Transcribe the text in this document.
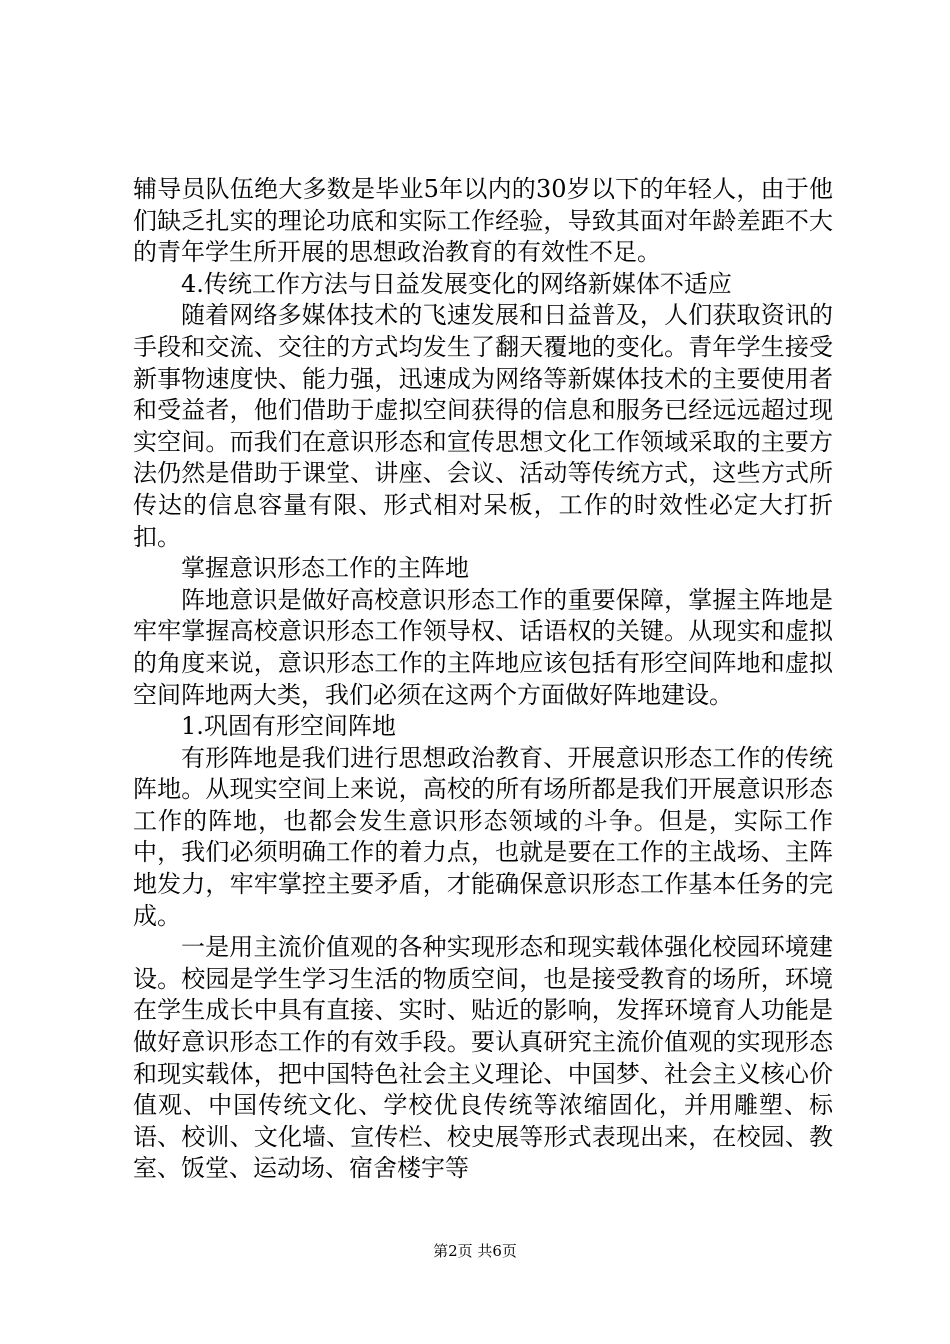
辅导员队伍绝大多数是毕业5年以内的30岁以下的年轻人，由于他们缺乏扎实的理论功底和实际工作经验，导致其面对年龄差距不大的青年学生所开展的思想政治教育的有效性不足。

4.传统工作方法与日益发展变化的网络新媒体不适应

随着网络多媒体技术的飞速发展和日益普及，人们获取资讯的手段和交流、交往的方式均发生了翻天覆地的变化。青年学生接受新事物速度快、能力强，迅速成为网络等新媒体技术的主要使用者和受益者，他们借助于虚拟空间获得的信息和服务已经远远超过现实空间。而我们在意识形态和宣传思想文化工作领域采取的主要方法仍然是借助于课堂、讲座、会议、活动等传统方式，这些方式所传达的信息容量有限、形式相对呆板，工作的时效性必定大打折扣。

掌握意识形态工作的主阵地

阵地意识是做好高校意识形态工作的重要保障，掌握主阵地是牢牢掌握高校意识形态工作领导权、话语权的关键。从现实和虚拟的角度来说，意识形态工作的主阵地应该包括有形空间阵地和虚拟空间阵地两大类，我们必须在这两个方面做好阵地建设。

1.巩固有形空间阵地

有形阵地是我们进行思想政治教育、开展意识形态工作的传统阵地。从现实空间上来说，高校的所有场所都是我们开展意识形态工作的阵地，也都会发生意识形态领域的斗争。但是，实际工作中，我们必须明确工作的着力点，也就是要在工作的主战场、主阵地发力，牢牢掌控主要矛盾，才能确保意识形态工作基本任务的完成。

一是用主流价值观的各种实现形态和现实载体强化校园环境建设。校园是学生学习生活的物质空间，也是接受教育的场所，环境在学生成长中具有直接、实时、贴近的影响，发挥环境育人功能是做好意识形态工作的有效手段。要认真研究主流价值观的实现形态和现实载体，把中国特色社会主义理论、中国梦、社会主义核心价值观、中国传统文化、学校优良传统等浓缩固化，并用雕塑、标语、校训、文化墙、宣传栏、校史展等形式表现出来，在校园、教室、饭堂、运动场、宿舍楼宇等

第2页 共6页
